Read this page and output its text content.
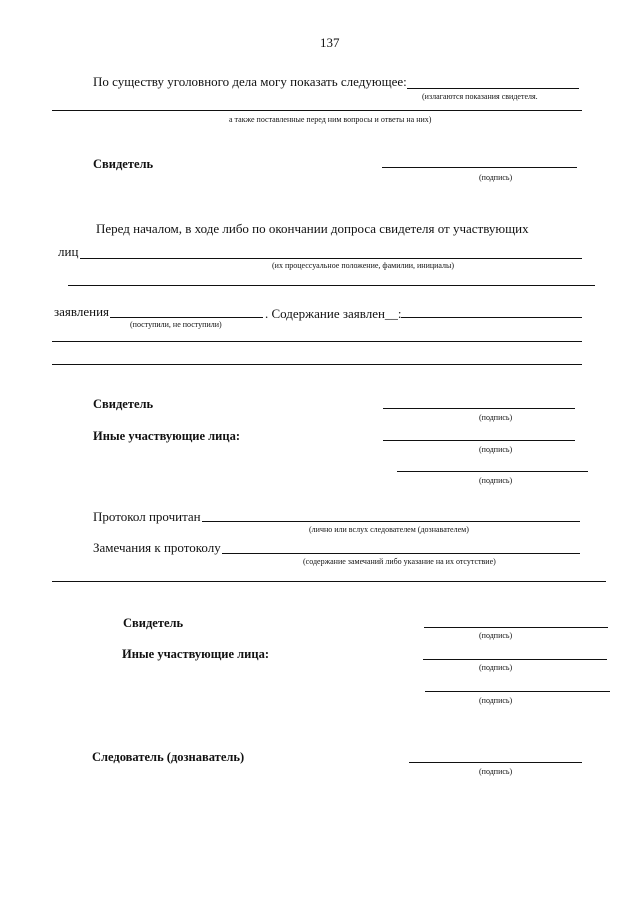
137
По существу уголовного дела могу показать следующее:
(излагаются показания свидетеля.
а также поставленные перед ним вопросы и ответы на них)
Свидетель
(подпись)
Перед началом, в ходе либо по окончании допроса свидетеля от участвующих
лиц
(их процессуальное положение, фамилии, инициалы)
заявления
(поступили, не поступили)
. Содержание заявлен__:
Свидетель
(подпись)
Иные участвующие лица:
(подпись)
(подпись)
Протокол прочитан
(лично или вслух следователем (дознавателем)
Замечания к протоколу
(содержание замечаний либо указание на их отсутствие)
Свидетель
(подпись)
Иные участвующие лица:
(подпись)
(подпись)
Следователь (дознаватель)
(подпись)
